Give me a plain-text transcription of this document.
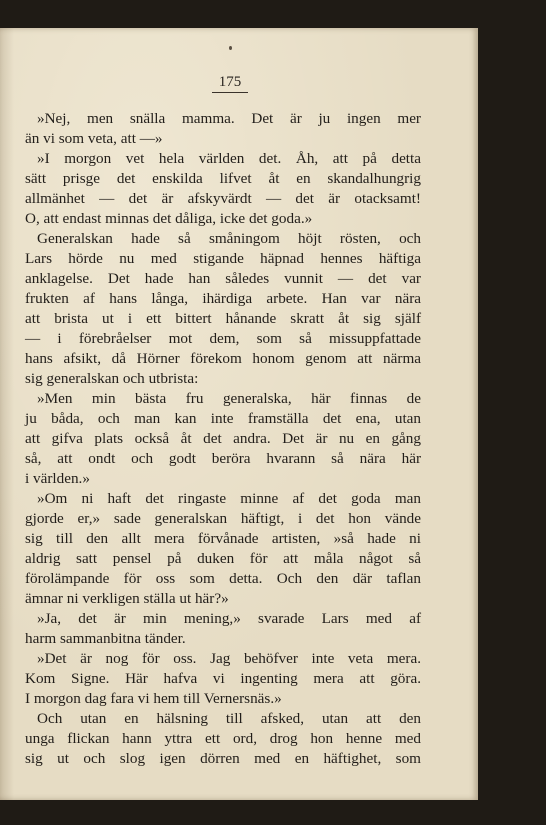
175
»Nej, men snälla mamma. Det är ju ingen mer
än vi som veta, att —»
»I morgon vet hela världen det. Åh, att på detta
sätt prisge det enskilda lifvet åt en skandalhungrig
allmänhet — det är afskyvärdt — det är otacksamt!
O, att endast minnas det dåliga, icke det goda.»
Generalskan hade så småningom höjt rösten, och
Lars hörde nu med stigande häpnad hennes häftiga
anklagelse. Det hade han således vunnit — det var
frukten af hans långa, ihärdiga arbete. Han var nära
att brista ut i ett bittert hånande skratt åt sig själf
— i förebråelser mot dem, som så missuppfattade
hans afsikt, då Hörner förekom honom genom att närma
sig generalskan och utbrista:
»Men min bästa fru generalska, här finnas de
ju båda, och man kan inte framställa det ena, utan
att gifva plats också åt det andra. Det är nu en gång
så, att ondt och godt beröra hvarann så nära här
i världen.»
»Om ni haft det ringaste minne af det goda man
gjorde er,» sade generalskan häftigt, i det hon vände
sig till den allt mera förvånade artisten, »så hade ni
aldrig satt pensel på duken för att måla något så
förolämpande för oss som detta. Och den där taflan
ämnar ni verkligen ställa ut här?»
»Ja, det är min mening,» svarade Lars med af
harm sammanbitna tänder.
»Det är nog för oss. Jag behöfver inte veta mera.
Kom Signe. Här hafva vi ingenting mera att göra.
I morgon dag fara vi hem till Vernersnäs.»
Och utan en hälsning till afsked, utan att den
unga flickan hann yttra ett ord, drog hon henne med
sig ut och slog igen dörren med en häftighet, som
